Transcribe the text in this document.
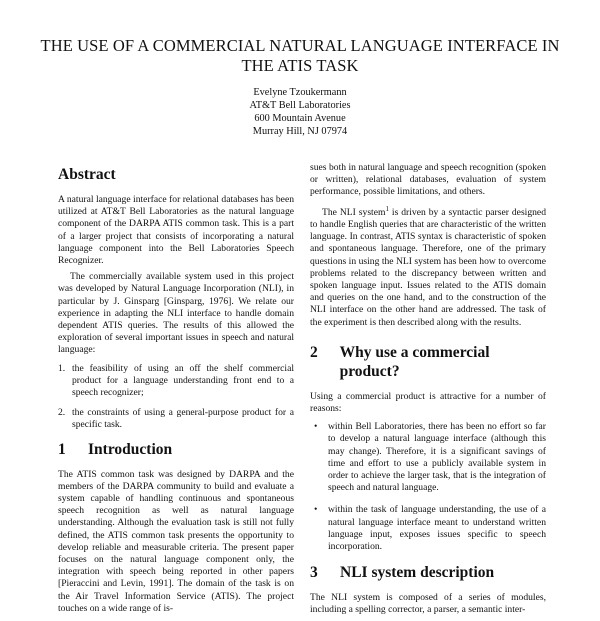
THE USE OF A COMMERCIAL NATURAL LANGUAGE INTERFACE IN THE ATIS TASK
Evelyne Tzoukermann
AT&T Bell Laboratories
600 Mountain Avenue
Murray Hill, NJ 07974
Abstract

A natural language interface for relational databases has been utilized at AT&T Bell Laboratories as the natural language component of the DARPA ATIS common task. This is a part of a larger project that consists of incorporating a natural language component into the Bell Laboratories Speech Recognizer.

The commercially available system used in this project was developed by Natural Language Incorporation (NLI), in particular by J. Ginsparg [Ginsparg, 1976]. We relate our experience in adapting the NLI interface to handle domain dependent ATIS queries. The results of this allowed the exploration of several important issues in speech and natural language:

1. the feasibility of using an off the shelf commercial product for a language understanding front end to a speech recognizer;
2. the constraints of using a general-purpose product for a specific task.
1 Introduction

The ATIS common task was designed by DARPA and the members of the DARPA community to build and evaluate a system capable of handling continuous and spontaneous speech recognition as well as natural language understanding. Although the evaluation task is still not fully defined, the ATIS common task presents the opportunity to develop reliable and measurable criteria. The present paper focuses on the natural language component only, the integration with speech being reported in other papers [Pieraccini and Levin, 1991]. The domain of the task is on the Air Travel Information Service (ATIS). The project touches on a wide range of is-

sues both in natural language and speech recognition (spoken or written), relational databases, evaluation of system performance, possible limitations, and others.

The NLI system$^1$ is driven by a syntactic parser designed to handle English queries that are characteristic of the written language. In contrast, ATIS syntax is characteristic of spoken and spontaneous language. Therefore, one of the primary questions in using the NLI system has been how to overcome problems related to the discrepancy between written and spoken language input. Issues related to the ATIS domain and queries on the one hand, and to the construction of the NLI interface on the other hand are addressed. The task of the experiment is then described along with the results.

2 Why use a commercial product?

Using a commercial product is attractive for a number of reasons:

•	within Bell Laboratories, there has been no effort so far to develop a natural language interface (although this may change). Therefore, it is a significant savings of time and effort to use a publicly available system in order to achieve the larger task, that is the integration of speech and natural language.
•	within the task of language understanding, the use of a natural language interface meant to understand written language input, exposes issues specific to speech incorporation.
3 NLI system description

The NLI system is composed of a series of modules, including a spelling corrector, a parser, a semantic inter-
